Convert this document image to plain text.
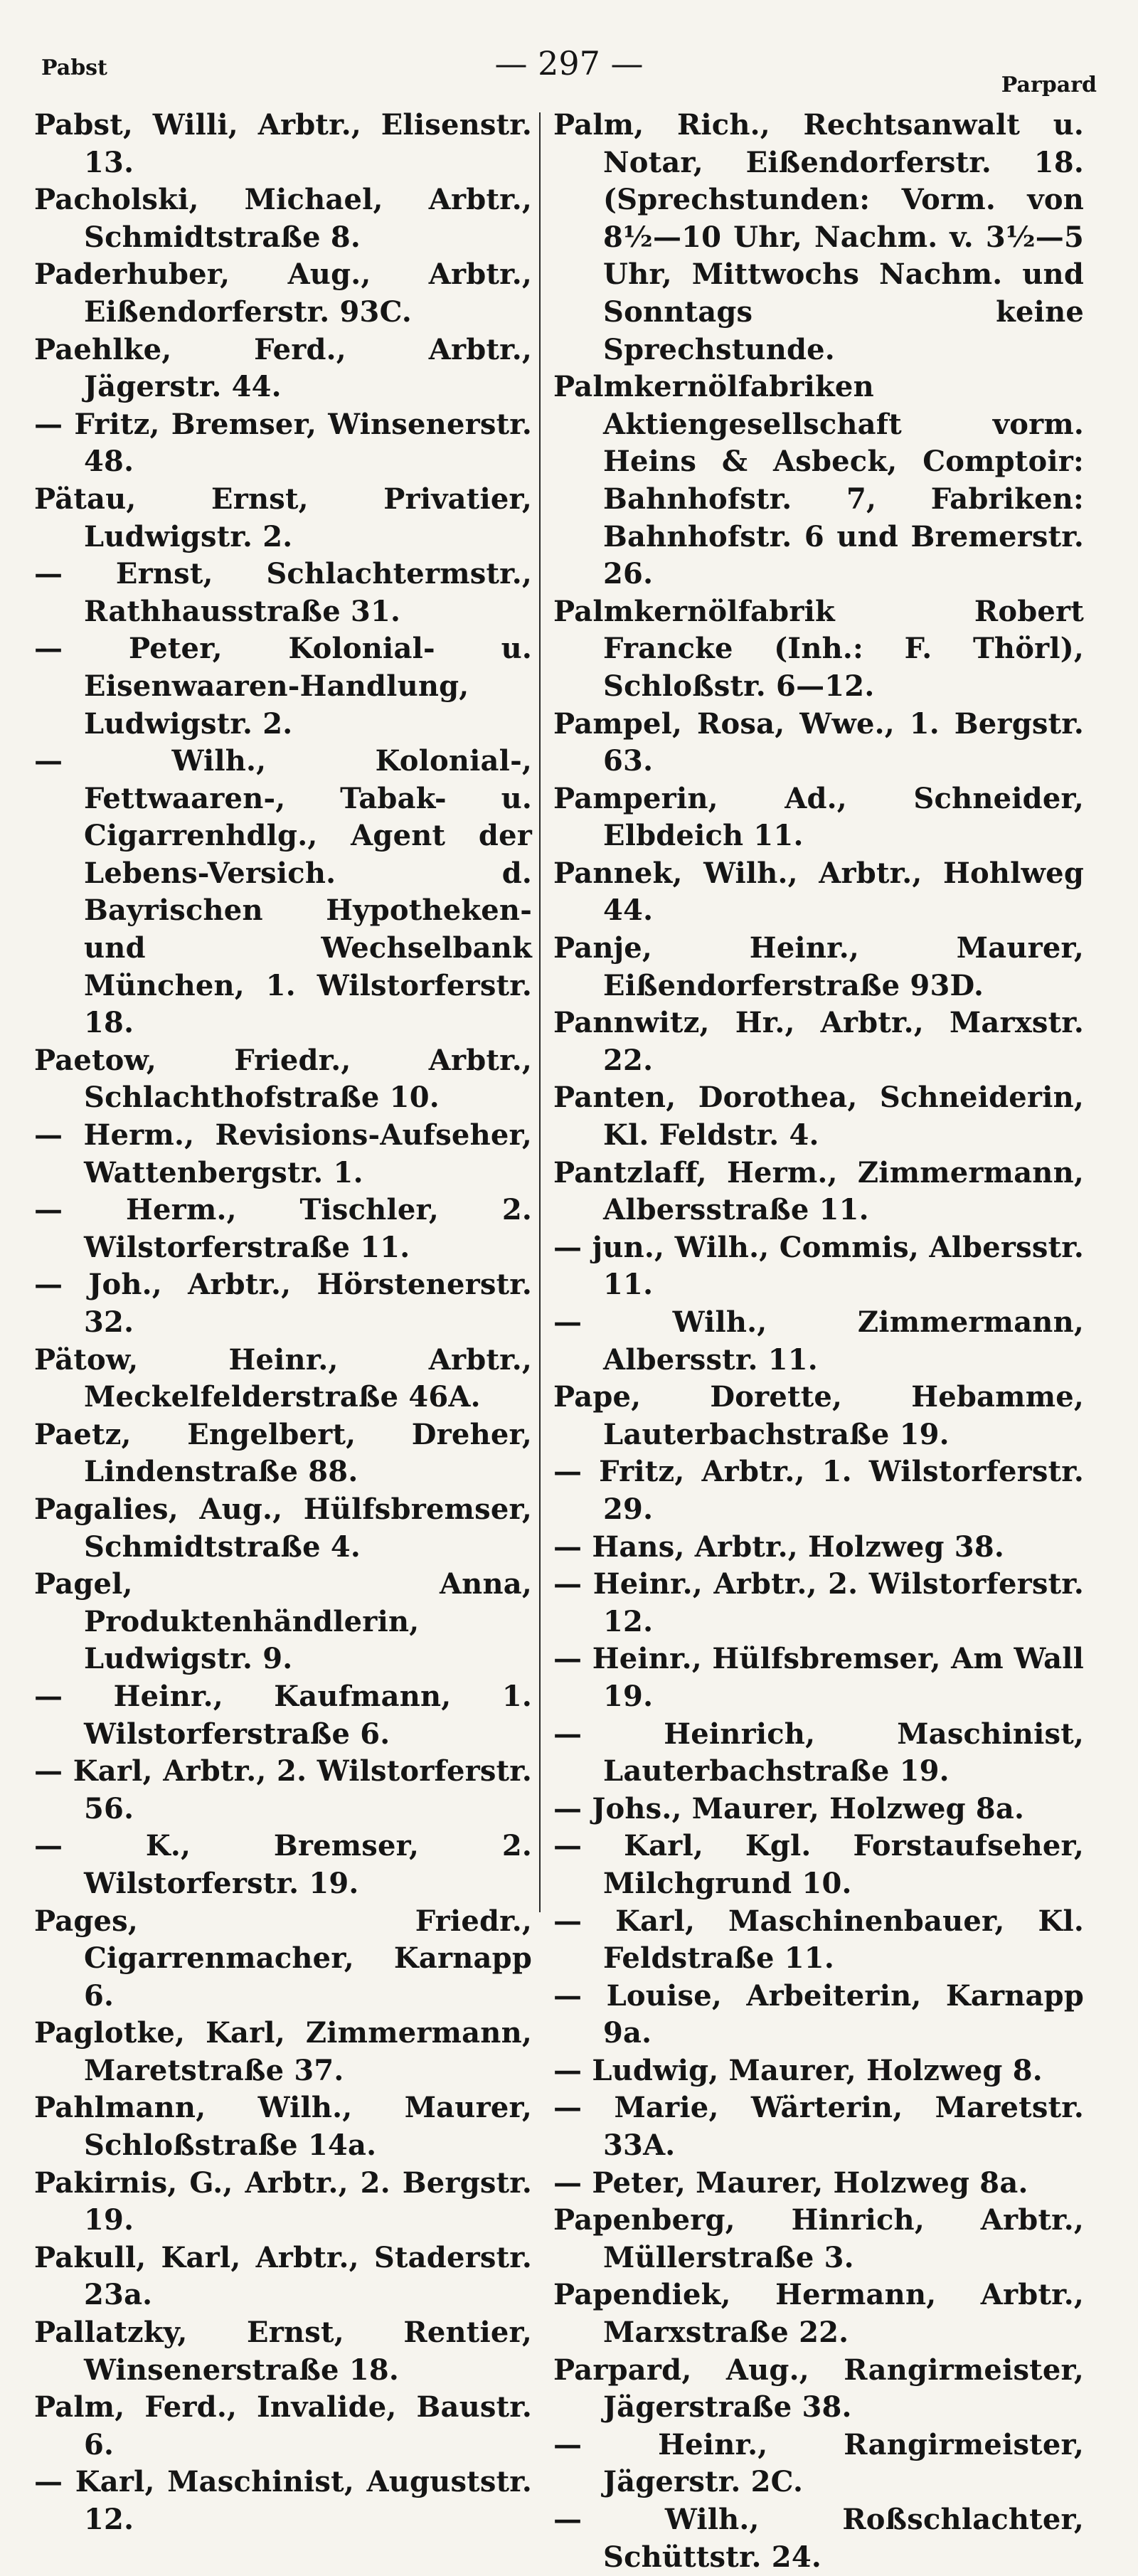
Pabst	— 297 —
Parpard

Pabst, Willi, Arbtr., Elisenstr. 13.

Pacholski, Michael, Arbtr., Schmidtstraße 8.

Paderhuber, Aug., Arbtr., Eißendorferstr. 93C.

Paehlke, Ferd., Arbtr., Jägerstr. 44.

— Fritz, Bremser, Winsenerstr. 48.

Pätau, Ernst, Privatier, Ludwigstr. 2.

— Ernst, Schlachtermstr., Rathhausstraße 31.

— Peter, Kolonial- u. Eisenwaaren-Handlung, Ludwigstr. 2.

— Wilh., Kolonial-, Fettwaaren-, Tabak- u. Cigarrenhdlg., Agent der Lebens-Versich. d. Bayrischen Hypotheken- und Wechselbank München, 1. Wilstorferstr. 18.

Paetow, Friedr., Arbtr., Schlachthofstraße 10.

— Herm., Revisions-Aufseher, Wattenbergstr. 1.

— Herm., Tischler, 2. Wilstorferstraße 11.

— Joh., Arbtr., Hörstenerstr. 32.

Pätow, Heinr., Arbtr., Meckelfelderstraße 46A.

Paetz, Engelbert, Dreher, Lindenstraße 88.

Pagalies, Aug., Hülfsbremser, Schmidtstraße 4.

Pagel, Anna, Produktenhändlerin, Ludwigstr. 9.

— Heinr., Kaufmann, 1. Wilstorferstraße 6.

— Karl, Arbtr., 2. Wilstorferstr. 56.

— K., Bremser, 2. Wilstorferstr. 19.

Pages, Friedr., Cigarrenmacher, Karnapp 6.

Paglotke, Karl, Zimmermann, Maretstraße 37.

Pahlmann, Wilh., Maurer, Schloßstraße 14a.

Pakirnis, G., Arbtr., 2. Bergstr. 19.

Pakull, Karl, Arbtr., Staderstr. 23a.

Pallatzky, Ernst, Rentier, Winsenerstraße 18.

Palm, Ferd., Invalide, Baustr. 6.

— Karl, Maschinist, Auguststr. 12.

Palm, Rich., Rechtsanwalt u. Notar, Eißendorferstr. 18. (Sprechstunden: Vorm. von 8½—10 Uhr, Nachm. v. 3½—5 Uhr, Mittwochs Nachm. und Sonntags keine Sprechstunde.

Palmkernölfabriken Aktiengesellschaft vorm. Heins & Asbeck, Comptoir: Bahnhofstr. 7, Fabriken: Bahnhofstr. 6 und Bremerstr. 26.

Palmkernölfabrik Robert Francke (Inh.: F. Thörl), Schloßstr. 6—12.

Pampel, Rosa, Wwe., 1. Bergstr. 63.

Pamperin, Ad., Schneider, Elbdeich 11.

Pannek, Wilh., Arbtr., Hohlweg 44.

Panje, Heinr., Maurer, Eißendorferstraße 93D.

Pannwitz, Hr., Arbtr., Marxstr. 22.

Panten, Dorothea, Schneiderin, Kl. Feldstr. 4.

Pantzlaff, Herm., Zimmermann, Albersstraße 11.

— jun., Wilh., Commis, Albersstr. 11.

— Wilh., Zimmermann, Albersstr. 11.

Pape, Dorette, Hebamme, Lauterbachstraße 19.

— Fritz, Arbtr., 1. Wilstorferstr. 29.

— Hans, Arbtr., Holzweg 38.

— Heinr., Arbtr., 2. Wilstorferstr. 12.

— Heinr., Hülfsbremser, Am Wall 19.

— Heinrich, Maschinist, Lauterbachstraße 19.

— Johs., Maurer, Holzweg 8a.

— Karl, Kgl. Forstaufseher, Milchgrund 10.

— Karl, Maschinenbauer, Kl. Feldstraße 11.

— Louise, Arbeiterin, Karnapp 9a.

— Ludwig, Maurer, Holzweg 8.

— Marie, Wärterin, Maretstr. 33A.

— Peter, Maurer, Holzweg 8a.

Papenberg, Hinrich, Arbtr., Müllerstraße 3.

Papendiek, Hermann, Arbtr., Marxstraße 22.

Parpard, Aug., Rangirmeister, Jägerstraße 38.

— Heinr., Rangirmeister, Jägerstr. 2C.

— Wilh., Roßschlachter, Schüttstr. 24.
